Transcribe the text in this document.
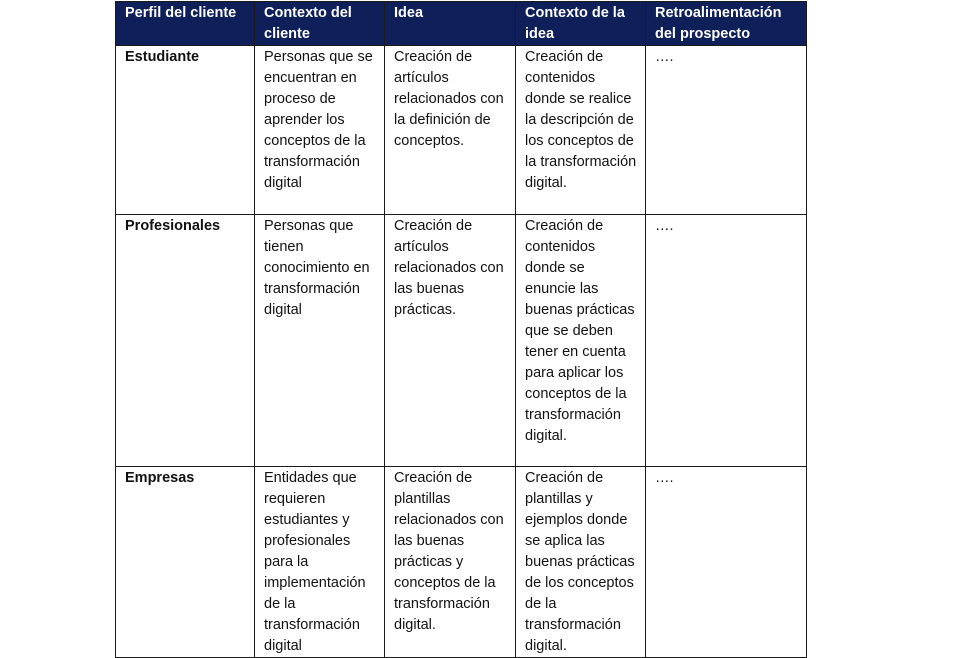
Perfil del cliente	Contexto del cliente	Idea	Contexto de la idea	Retroalimentación del prospecto
Estudiante	Personas que se encuentran en proceso de aprender los conceptos de la transformación digital	Creación de artículos relacionados con la definición de conceptos.	Creación de contenidos donde se realice la descripción de los conceptos de la transformación digital.	….
Profesionales	Personas que tienen conocimiento en transformación digital	Creación de artículos relacionados con las buenas prácticas.	Creación de contenidos donde se enuncie las buenas prácticas que se deben tener en cuenta para aplicar los conceptos de la transformación digital.	….
Empresas	Entidades que requieren estudiantes y profesionales para la implementación de la transformación digital	Creación de plantillas relacionados con las buenas prácticas y conceptos de la transformación digital.	Creación de plantillas y ejemplos donde se aplica las buenas prácticas de los conceptos de la transformación digital.	….
